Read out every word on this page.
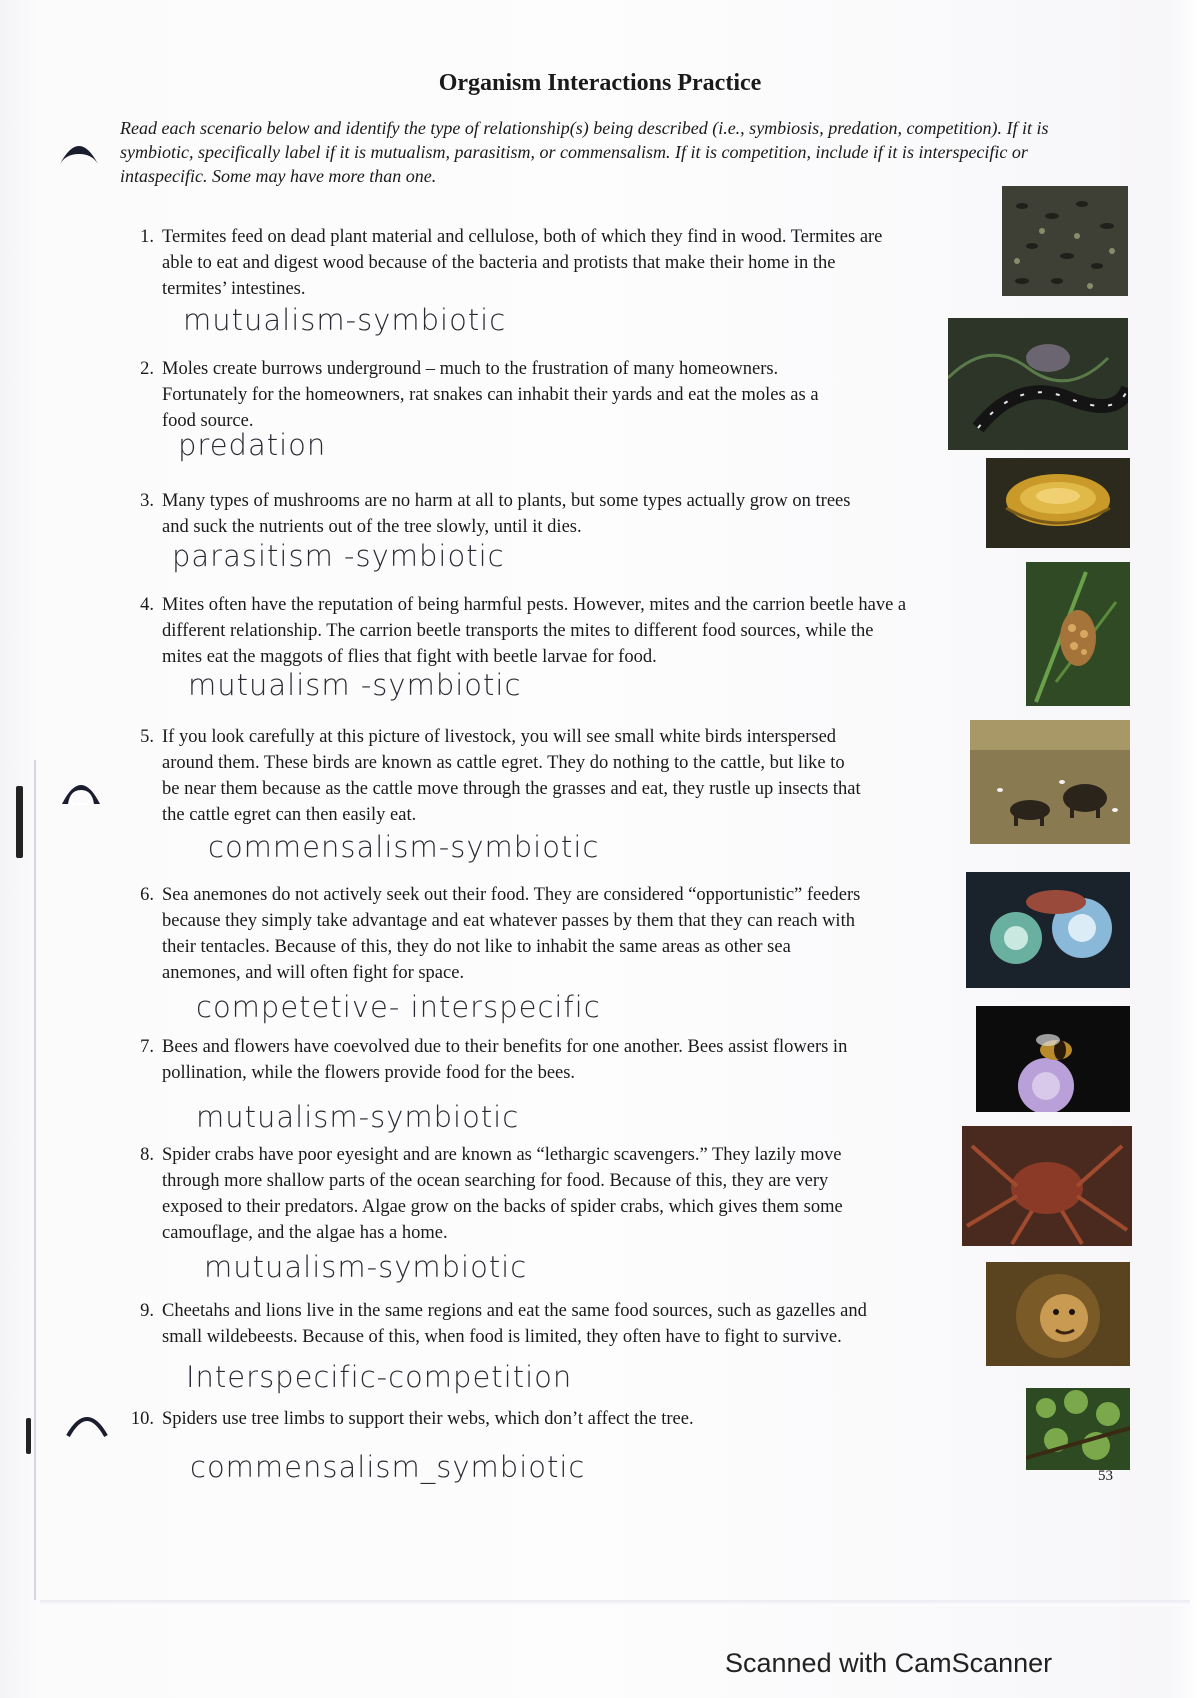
Organism Interactions Practice
Read each scenario below and identify the type of relationship(s) being described (i.e., symbiosis, predation, competition). If it is symbiotic, specifically label if it is mutualism, parasitism, or commensalism. If it is competition, include if it is interspecific or intaspecific. Some may have more than one.
1. Termites feed on dead plant material and cellulose, both of which they find in wood. Termites are
able to eat and digest wood because of the bacteria and protists that make their home in the
termites’ intestines.
mutualism-symbiotic
2. Moles create burrows underground – much to the frustration of many homeowners.
Fortunately for the homeowners, rat snakes can inhabit their yards and eat the moles as a
food source.
predation
3. Many types of mushrooms are no harm at all to plants, but some types actually grow on trees
and suck the nutrients out of the tree slowly, until it dies.
parasitism -symbiotic
4. Mites often have the reputation of being harmful pests. However, mites and the carrion beetle have a
different relationship. The carrion beetle transports the mites to different food sources, while the
mites eat the maggots of flies that fight with beetle larvae for food.
mutualism -symbiotic
5. If you look carefully at this picture of livestock, you will see small white birds interspersed
around them. These birds are known as cattle egret. They do nothing to the cattle, but like to
be near them because as the cattle move through the grasses and eat, they rustle up insects that
the cattle egret can then easily eat.
commensalism-symbiotic
6. Sea anemones do not actively seek out their food. They are considered “opportunistic” feeders
because they simply take advantage and eat whatever passes by them that they can reach with
their tentacles. Because of this, they do not like to inhabit the same areas as other sea
anemones, and will often fight for space.
competetive- interspecific
7. Bees and flowers have coevolved due to their benefits for one another. Bees assist flowers in
pollination, while the flowers provide food for the bees.
mutualism-symbiotic
8. Spider crabs have poor eyesight and are known as “lethargic scavengers.” They lazily move
through more shallow parts of the ocean searching for food. Because of this, they are very
exposed to their predators. Algae grow on the backs of spider crabs, which gives them some
camouflage, and the algae has a home.
mutualism-symbiotic
9. Cheetahs and lions live in the same regions and eat the same food sources, such as gazelles and
small wildebeests. Because of this, when food is limited, they often have to fight to survive.
Interspecific-competition
10. Spiders use tree limbs to support their webs, which don’t affect the tree.
commensalism_symbiotic	53
Scanned with CamScanner
